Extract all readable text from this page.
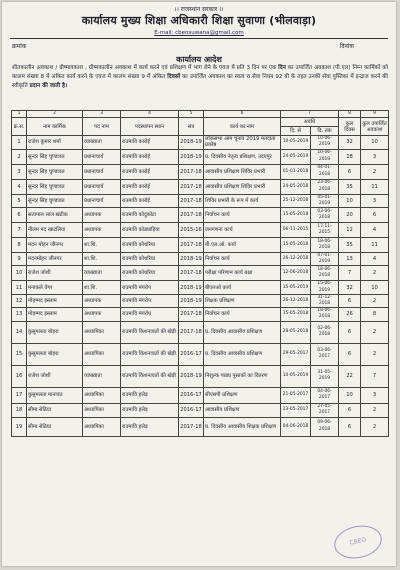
।। राजस्थान सरकार ।।
कार्यालय मुख्य शिक्षा अधिकारी शिक्षा सुवाणा (भीलवाड़ा)
E-mail: cbeosuwana@gmail.com
क्रमांक	दिनांक
कार्यालय आदेश
शीतकालीन अवकाश / ग्रीष्मावकाश , ग्रीष्मकालीन अवकाश में कार्य करने एवं प्रशिक्षण में भाग लेने के एवज में प्रति 3 दिन पर एक दिन का उपार्जित अवकाश (पी.एल) निम्न कार्मिकों को कालम संख्या 8 में अंकित कार्य करने के एवज में कालम संख्या 9 में अंकित दिवसों का उपार्जित अवकाश का स्वत्व रा.सेवा नियम 92 बी के तहत उनकी सेवा पुस्तिका में इन्द्राज करने की स्वीकृति प्रदान की जाती है।
1	2	3	4	5	6	7		8	9
क्र.स.	नाम कार्मिक	पद नाम	पदस्थापन स्थान	सत्र	कार्य का नाम	अवधि		कुल दिवस	कुल उपार्जित अवकाश
						दि. से	दि. तक		
1	राजेश कुमार शर्मा	व्याख्याता	राउमावि कारोई	2018-19	लोकसभा आम चुनाव 2019 मतदाता प्रकोष्ठ	10-05-2019	10-06-2019	32	10
2	सुन्दर सिंह चुण्डावत	प्रधानाचार्य	राउमावि कारोई	2018-19	प्र. दिवसीय नेतृत्व प्रशिक्षण, उदयपुर	24-05-2019	10-06-2019	18	3
3	सुन्दर सिंह चुण्डावत	प्रधानाचार्य	राउमावि कारोई	2017-18	आवासीय प्रशिक्षण शिविर प्रभारी	01-01-2018	04-01-2018	6	2
4	सुन्दर सिंह चुण्डावत	प्रधानाचार्य	राउमावि कारोई	2017-18	आवासीय प्रशिक्षण शिविर प्रभारी	24-05-2018	23-06-2018	35	11
5	सुन्दर सिंह चुण्डावत	प्रधानाचार्य	राउमावि कारोई	2017-18	शिविर प्रभारी के रूप में कार्य	25-12-2018	05-01-2019	10	3
6	सत्यपाल लाल खटीक	अध्यापक	राउमावि कोदुकोटा	2017-18	निर्वाचन कार्य	15-05-2018	03-06-2018	20	6
7	नीलम पद खाटलिया	अध्यापक	राउमावि कोठ्याड़िया	2015-16	जनगणना कार्य	06-11-2015	17-11-2015	12	4
8	मदन मोहन जीनगर	शा.शि.	राउमावि कोथरिया	2017-18	बी.एल.ओ. कार्य	15-05-2018	18-06-2018	35	11
9	मदनमोहन जीनगर	शा.शि.	राउमावि कोथरिया	2018-19	निर्वाचन कार्य	26-12-2018	07-01-2019	13	4
10	राजेश जोशी	व्याख्याता	राउमावि कोथरिया	2017-18	परीक्षा परिणाम कार्य बक्षा	12-06-2018	18-06-2018	7	2
11	मनाकले वेगर	शा.शि.	राउमावि मंगरोप	2018-19	बीएलओ कार्य	15-05-2019	15-06-2019	32	10
12	मोहम्मद इस्लाम	अध्यापक	राउमावि मंगरोप	2018-19	शिक्षक प्रशिक्षण	26-12-2018	31-12-2018	6	2
13	मोहम्मद इस्लाम	अध्यापक	राउमावि मंगरोप	2017-18	निर्वाचन कार्य	15-05-2018	18-06-2018	26	8
14	कुसुमलता बोहरा	अध्यापिका	राउमावि किशनावतों की खेड़ी	2017-18	प्र. दिवसीय आवासीय प्रशिक्षण	28-05-2018	02-06-2018	6	2
15	कुसुमलता बोहरा	अध्यापिका	राउमावि किशनावतों की खेड़ी	2016-17	प्र. दिवसीय आवासीय प्रशिक्षण	29-05-2017	03-06-2017	6	2
16	राजेश जोशी	व्याख्याता	राउमावि किशनावतों की खेड़ी	2018-19	निशुल्क पाठ्य पुस्तकों का वितरण	10-05-2019	31-05-2019	22	7
17	कुसुमलता मानावत	अध्यापिका	राउमावि हलेड़	2016-17	सीएसपी प्रशिक्षण	21-05-2017	04-06-2017	10	3
18	सीमा सेठिया	अध्यापिका	राउमावि हलेड़	2016-17	आवासीय प्रशिक्षण	23-05-2017	27-05-2017	6	2
19	सीमा सेठिया	अध्यापिका	राउमावि हलेड़	2017-18	प्र. दिवसीय आवासीय शिक्षक प्रशिक्षण	04-06-2018	09-06-2018	6	2
CBEO
